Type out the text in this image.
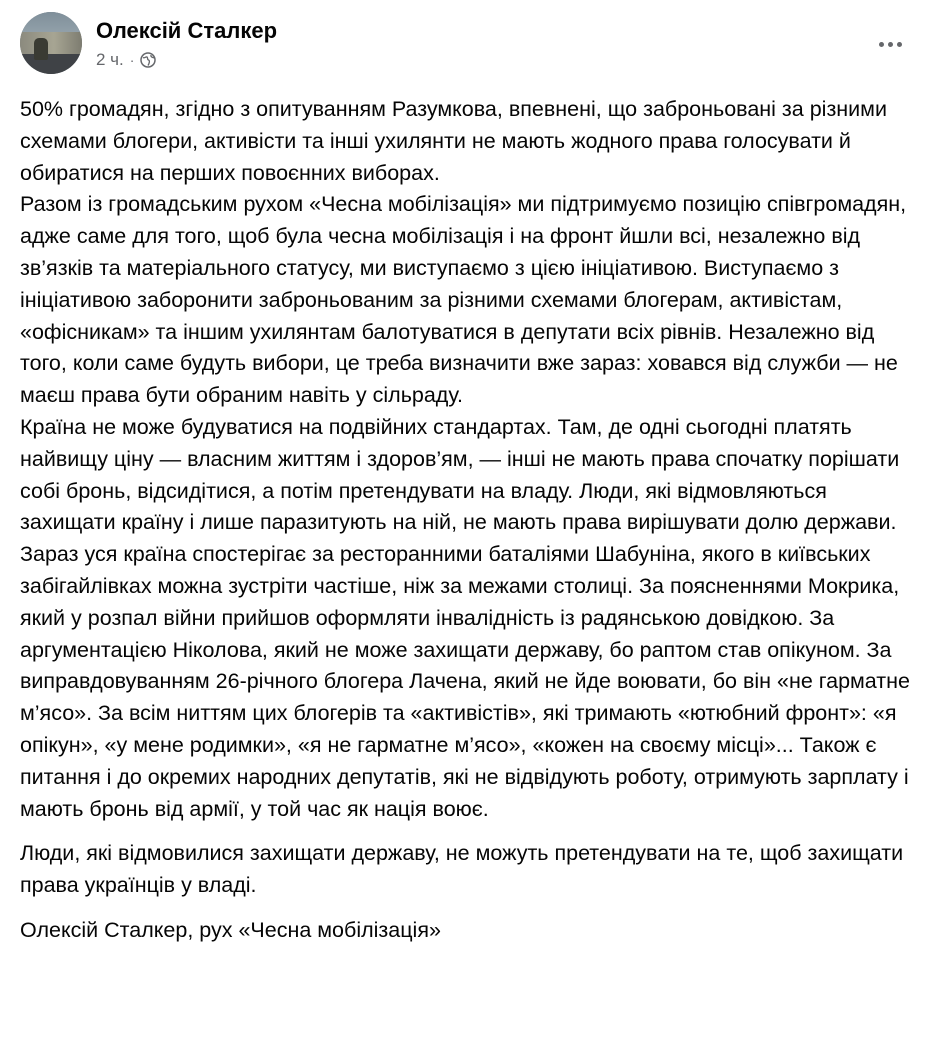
Олексій Сталкер
2 ч. ·

50% громадян, згідно з опитуванням Разумкова, впевнені, що заброньовані за різними схемами блогери, активісти та інші ухилянти не мають жодного права голосувати й обиратися на перших повоєнних виборах.

Разом із громадським рухом «Чесна мобілізація» ми підтримуємо позицію співгромадян, адже саме для того, щоб була чесна мобілізація і на фронт йшли всі, незалежно від зв’язків та матеріального статусу, ми виступаємо з цією ініціативою. Виступаємо з ініціативою заборонити заброньованим за різними схемами блогерам, активістам, «офісникам» та іншим ухилянтам балотуватися в депутати всіх рівнів. Незалежно від того, коли саме будуть вибори, це треба визначити вже зараз: ховався від служби — не маєш права бути обраним навіть у сільраду.

Країна не може будуватися на подвійних стандартах. Там, де одні сьогодні платять найвищу ціну — власним життям і здоров’ям, — інші не мають права спочатку порішати собі бронь, відсидітися, а потім претендувати на владу. Люди, які відмовляються захищати країну і лише паразитують на ній, не мають права вирішувати долю держави.

Зараз уся країна спостерігає за ресторанними баталіями Шабуніна, якого в київських забігайлівках можна зустріти частіше, ніж за межами столиці. За поясненнями Мокрика, який у розпал війни прийшов оформляти інвалідність із радянською довідкою. За аргументацією Ніколова, який не може захищати державу, бо раптом став опікуном. За виправдовуванням 26-річного блогера Лачена, який не йде воювати, бо він «не гарматне м’ясо». За всім ниттям цих блогерів та «активістів», які тримають «ютюбний фронт»: «я опікун», «у мене родимки», «я не гарматне м’ясо», «кожен на своєму місці»... Також є питання і до окремих народних депутатів, які не відвідують роботу, отримують зарплату і мають бронь від армії, у той час як нація воює.

Люди, які відмовилися захищати державу, не можуть претендувати на те, щоб захищати права українців у владі.

Олексій Сталкер, рух «Чесна мобілізація»
